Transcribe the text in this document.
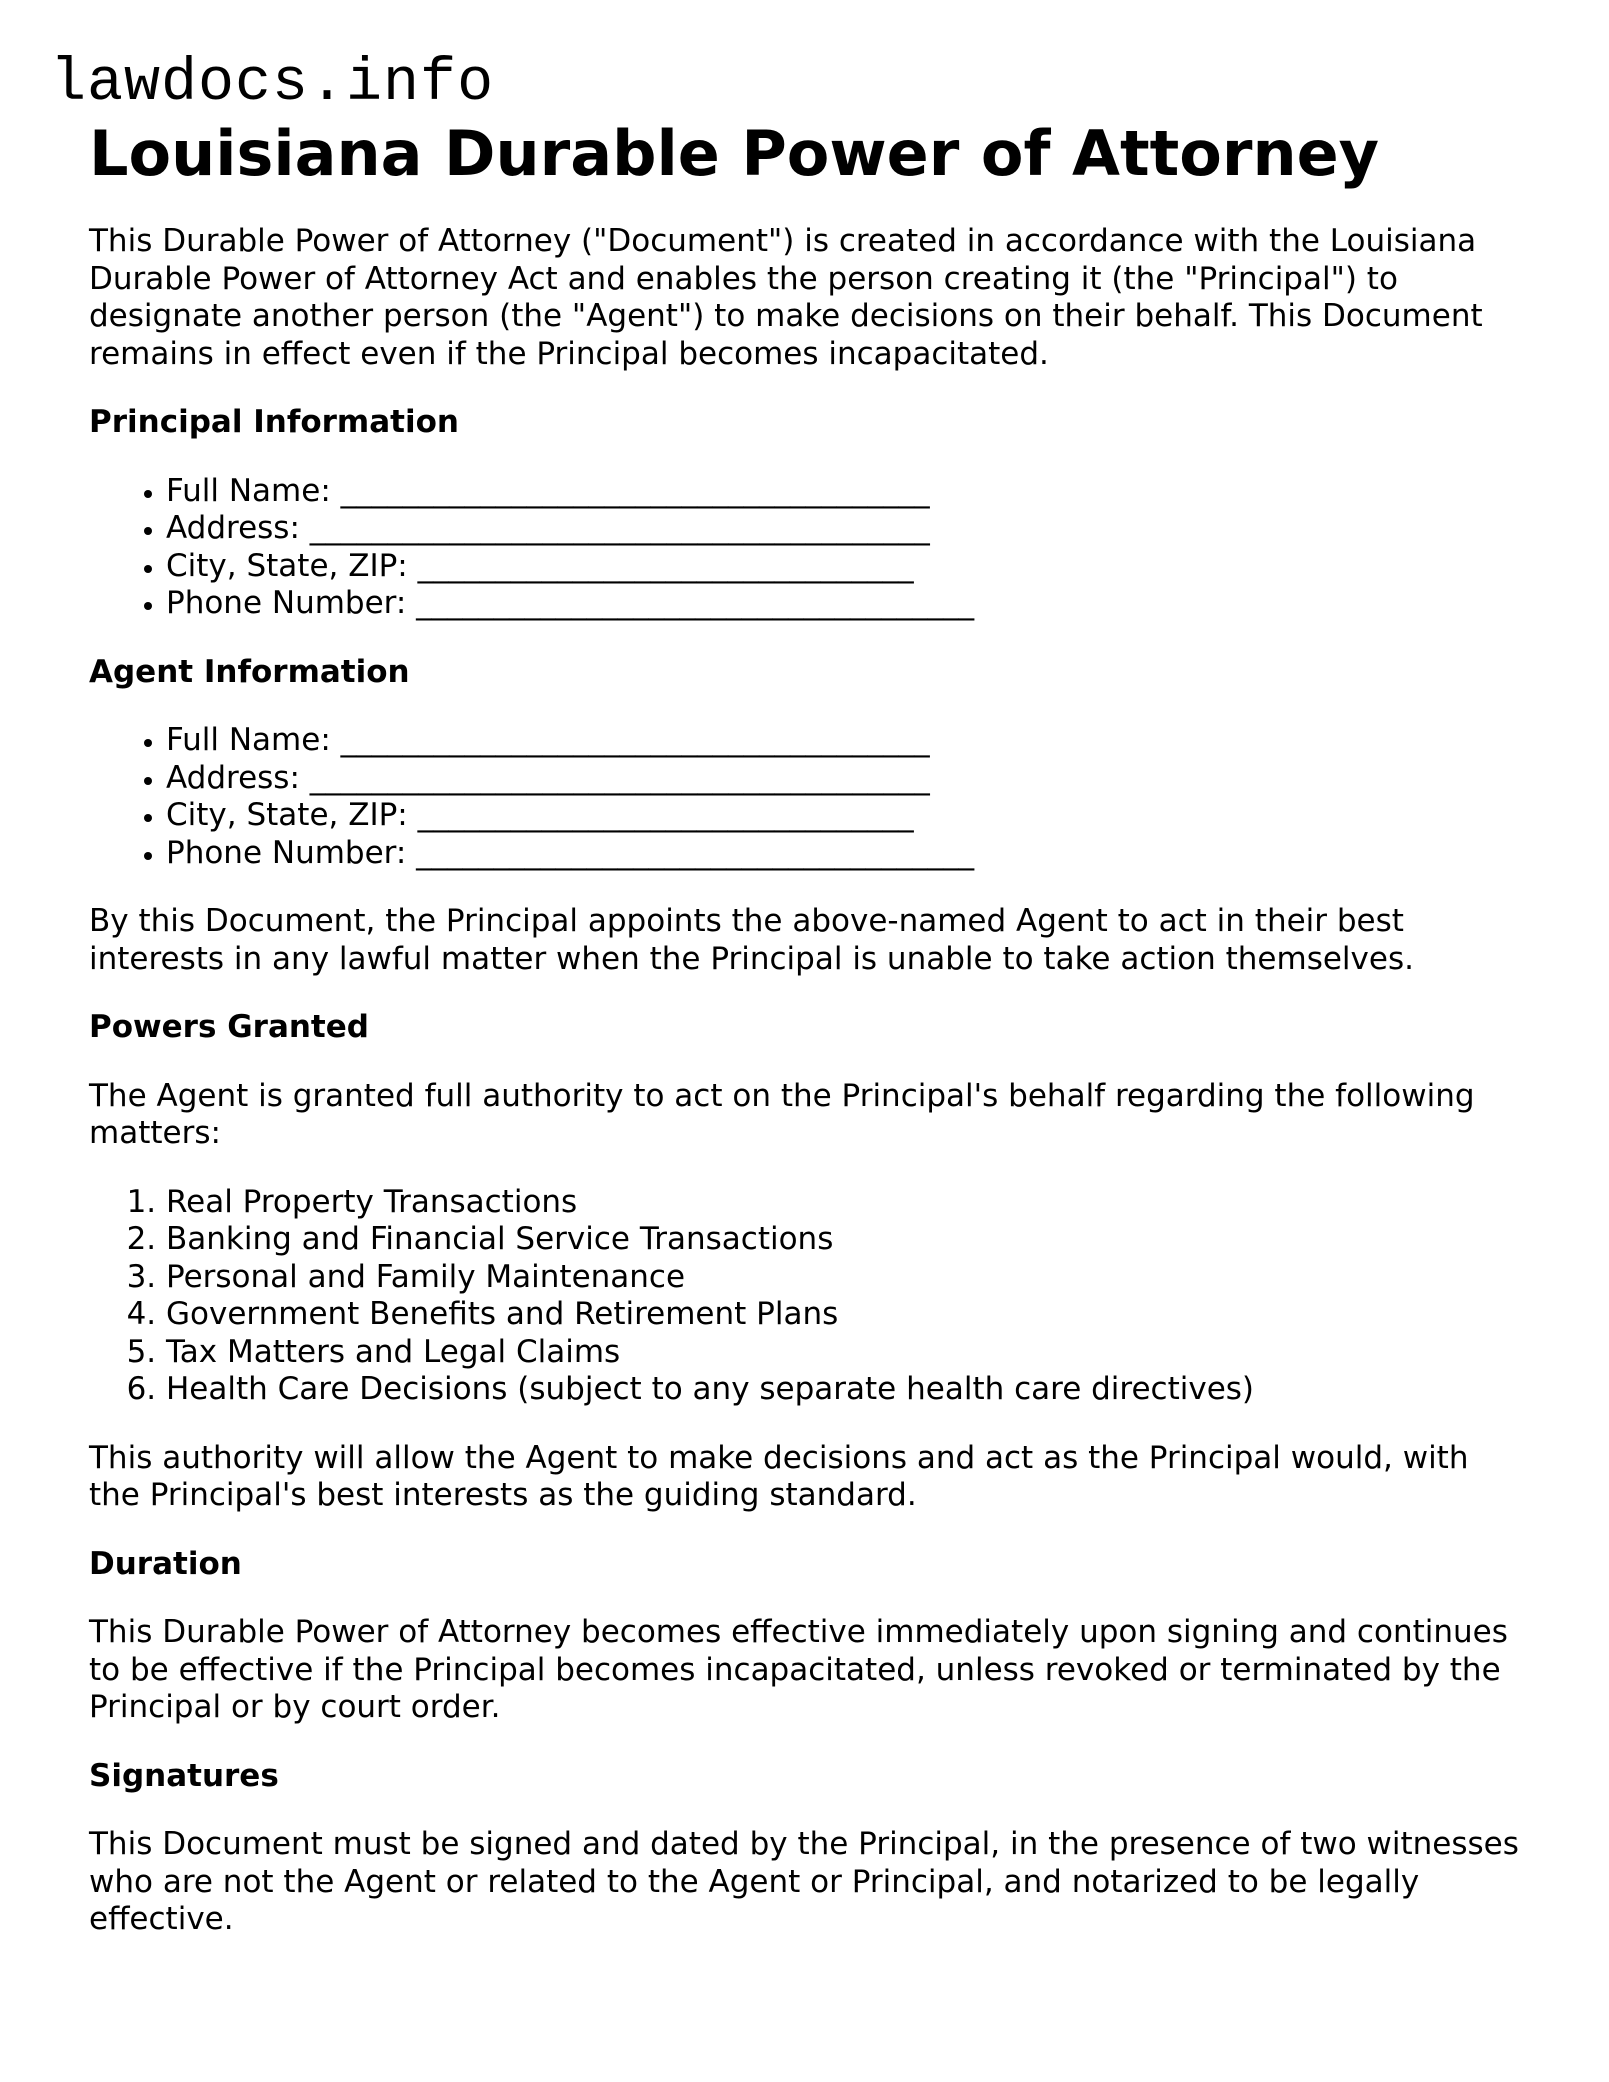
lawdocs.info
Louisiana Durable Power of Attorney

This Durable Power of Attorney ("Document") is created in accordance with the Louisiana Durable Power of Attorney Act and enables the person creating it (the "Principal") to designate another person (the "Agent") to make decisions on their behalf. This Document remains in effect even if the Principal becomes incapacitated.

Principal Information
• Full Name: ______________________________________
• Address: ________________________________________
• City, State, ZIP: ________________________________
• Phone Number: ____________________________________
Agent Information
• Full Name: ______________________________________
• Address: ________________________________________
• City, State, ZIP: ________________________________
• Phone Number: ____________________________________

By this Document, the Principal appoints the above-named Agent to act in their best interests in any lawful matter when the Principal is unable to take action themselves.

Powers Granted

The Agent is granted full authority to act on the Principal's behalf regarding the following matters:

1. Real Property Transactions
2. Banking and Financial Service Transactions
3. Personal and Family Maintenance
4. Government Benefits and Retirement Plans
5. Tax Matters and Legal Claims
6. Health Care Decisions (subject to any separate health care directives)

This authority will allow the Agent to make decisions and act as the Principal would, with the Principal's best interests as the guiding standard.

Duration

This Durable Power of Attorney becomes effective immediately upon signing and continues to be effective if the Principal becomes incapacitated, unless revoked or terminated by the Principal or by court order.

Signatures

This Document must be signed and dated by the Principal, in the presence of two witnesses who are not the Agent or related to the Agent or Principal, and notarized to be legally effective.
